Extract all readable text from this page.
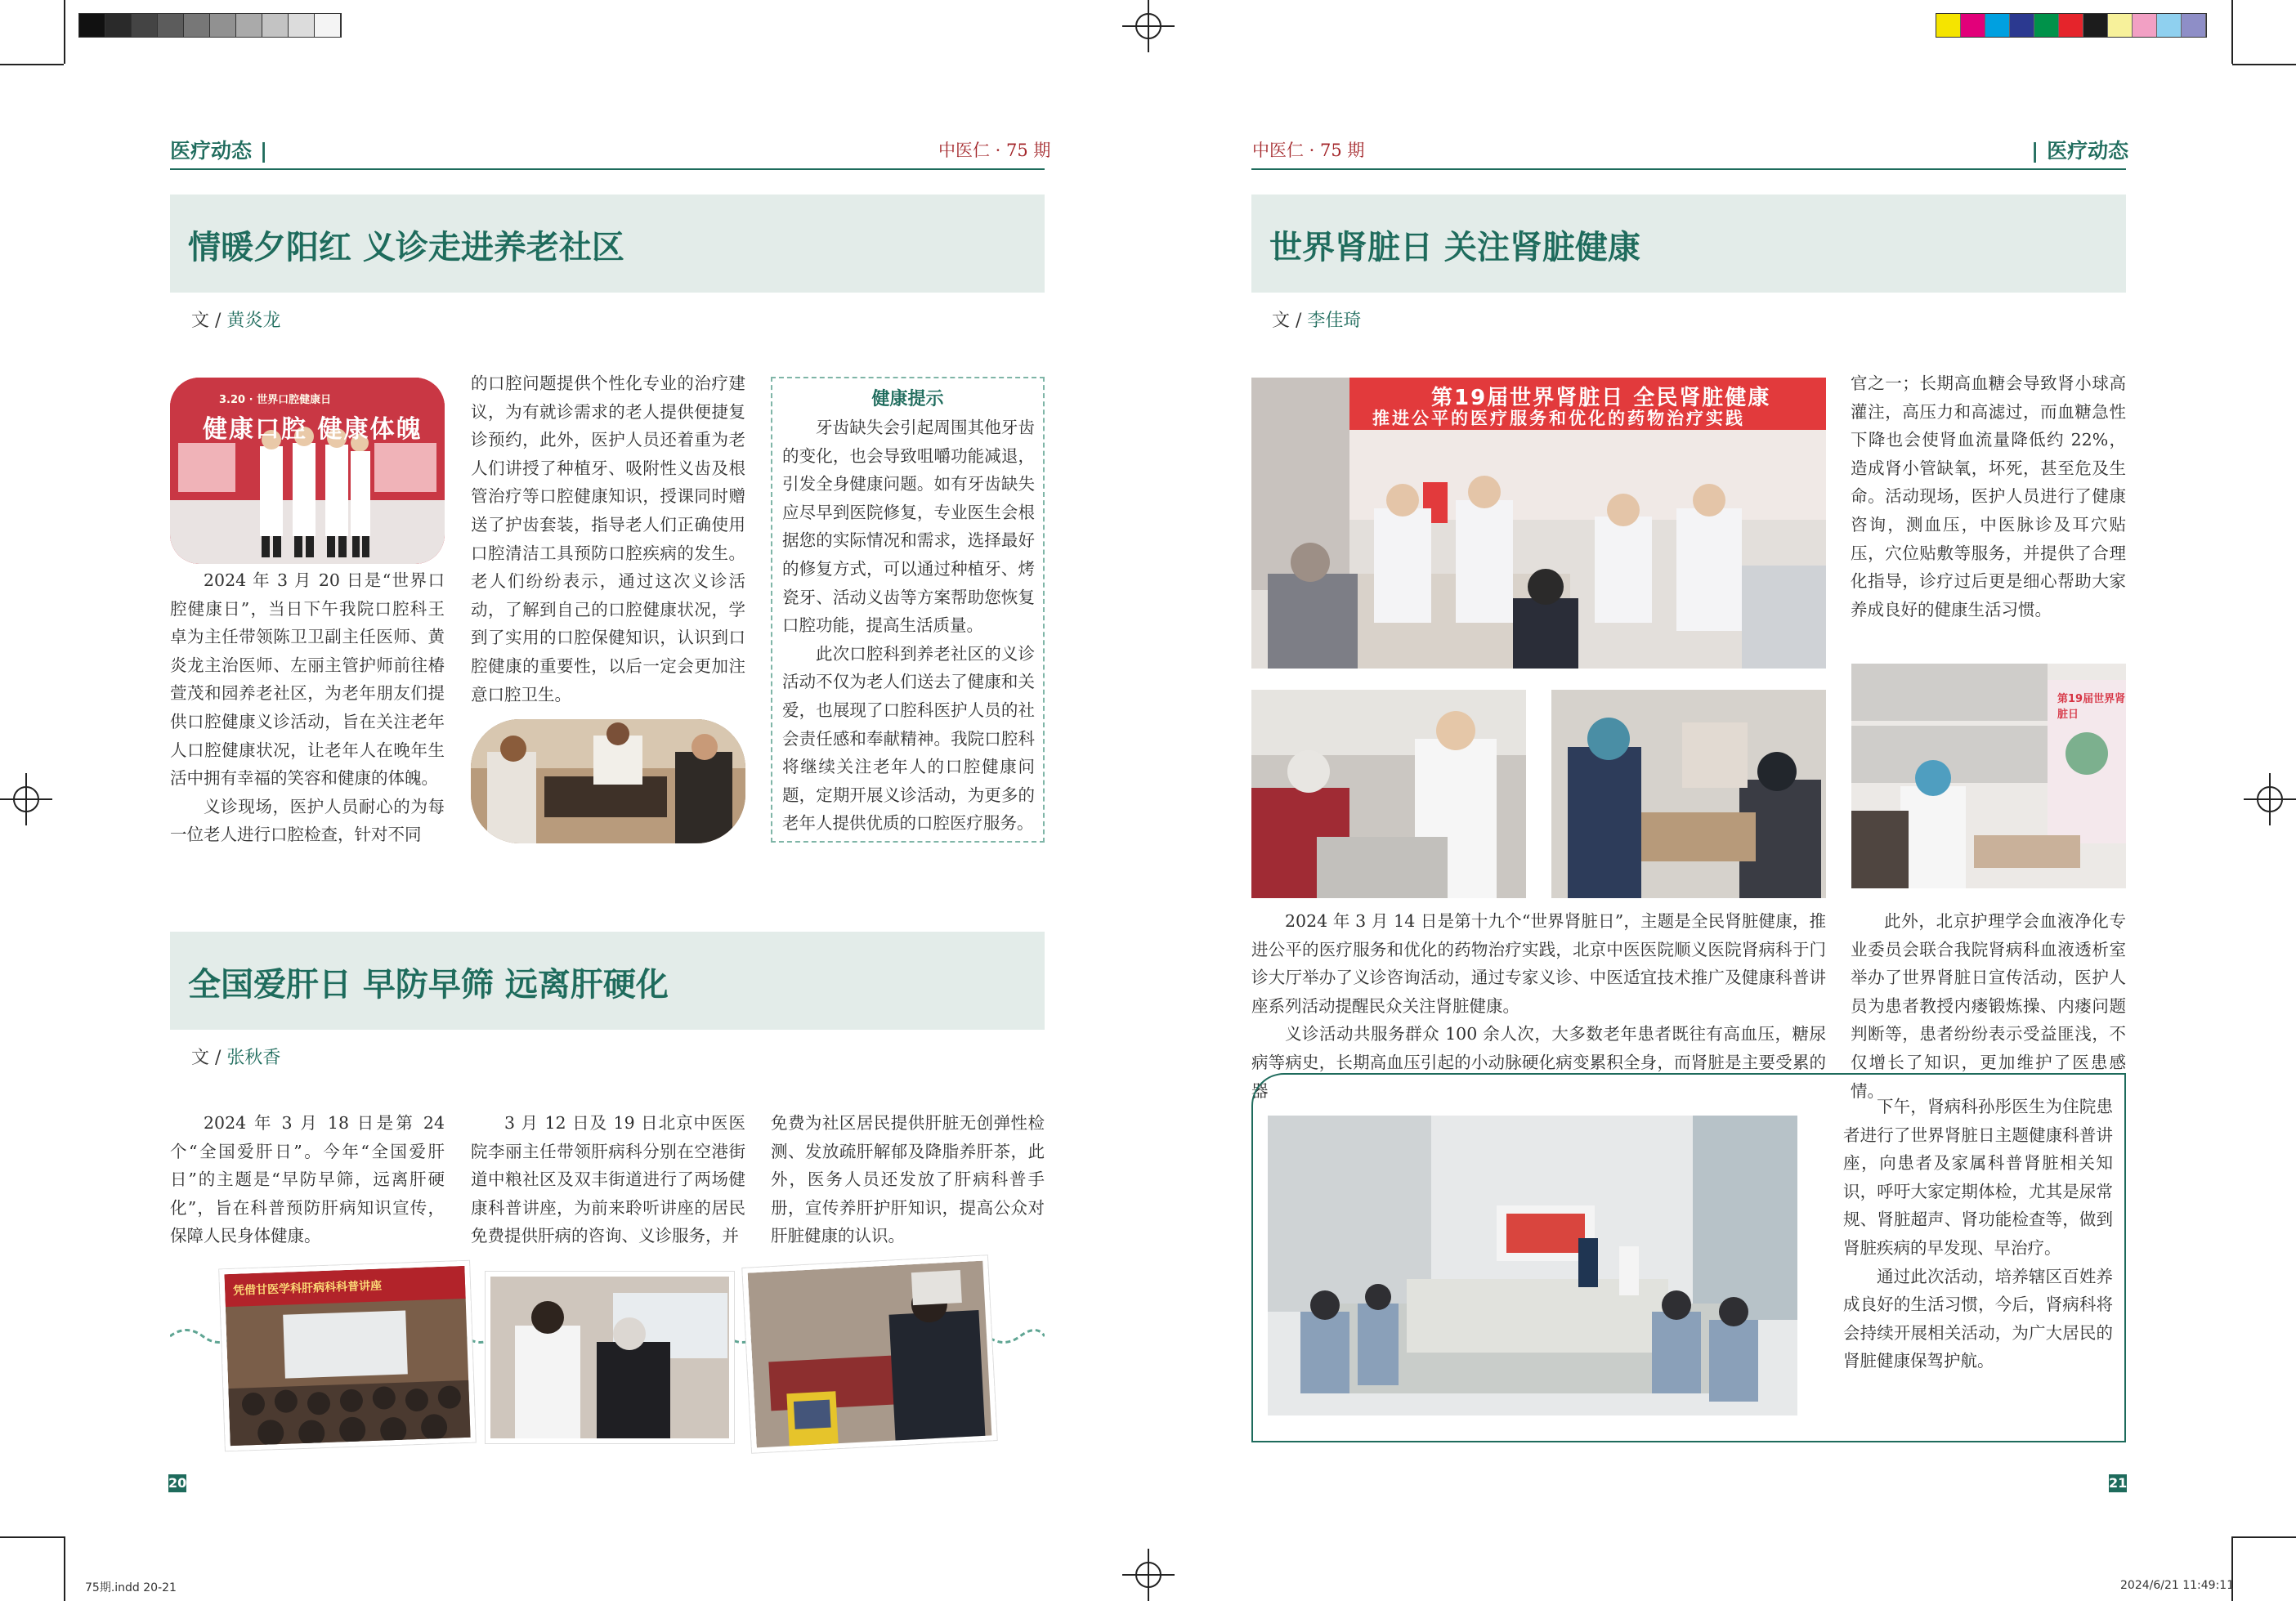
医疗动态 |	中医仁 · 75 期	中医仁 · 75 期	| 医疗动态
情暖夕阳红 义诊走进养老社区
文 / 黄炎龙
3.20 · 世界口腔健康日
健康口腔 健康体魄

2024 年 3 月 20 日是“世界口腔健康日”，当日下午我院口腔科王卓为主任带领陈卫卫副主任医师、黄炎龙主治医师、左丽主管护师前往椿萱茂和园养老社区，为老年朋友们提供口腔健康义诊活动，旨在关注老年人口腔健康状况，让老年人在晚年生活中拥有幸福的笑容和健康的体魄。

义诊现场，医护人员耐心的为每一位老人进行口腔检查，针对不同

的口腔问题提供个性化专业的治疗建议，为有就诊需求的老人提供便捷复诊预约，此外，医护人员还着重为老人们讲授了种植牙、吸附性义齿及根管治疗等口腔健康知识，授课同时赠送了护齿套装，指导老人们正确使用口腔清洁工具预防口腔疾病的发生。老人们纷纷表示，通过这次义诊活动，了解到自己的口腔健康状况，学到了实用的口腔保健知识，认识到口腔健康的重要性，以后一定会更加注意口腔卫生。

健康提示

牙齿缺失会引起周围其他牙齿的变化，也会导致咀嚼功能减退，引发全身健康问题。如有牙齿缺失应尽早到医院修复，专业医生会根据您的实际情况和需求，选择最好的修复方式，可以通过种植牙、烤瓷牙、活动义齿等方案帮助您恢复口腔功能，提高生活质量。

此次口腔科到养老社区的义诊活动不仅为老人们送去了健康和关爱，也展现了口腔科医护人员的社会责任感和奉献精神。我院口腔科将继续关注老年人的口腔健康问题，定期开展义诊活动，为更多的老年人提供优质的口腔医疗服务。

全国爱肝日 早防早筛 远离肝硬化
文 / 张秋香

2024 年 3 月 18 日是第 24 个“全国爱肝日”。今年“全国爱肝日”的主题是“早防早筛，远离肝硬化”，旨在科普预防肝病知识宣传，保障人民身体健康。

3 月 12 日及 19 日北京中医医院李丽主任带领肝病科分别在空港街道中粮社区及双丰街道进行了两场健康科普讲座，为前来聆听讲座的居民免费提供肝病的咨询、义诊服务，并

免费为社区居民提供肝脏无创弹性检测、发放疏肝解郁及降脂养肝茶，此外，医务人员还发放了肝病科普手册，宣传养肝护肝知识，提高公众对肝脏健康的认识。

凭借甘医学科肝病科科普讲座
20
世界肾脏日 关注肾脏健康
文 / 李佳琦
第19届世界肾脏日 全民肾脏健康
推进公平的医疗服务和优化的药物治疗实践

官之一；长期高血糖会导致肾小球高灌注，高压力和高滤过，而血糖急性下降也会使肾血流量降低约 22%，造成肾小管缺氧，坏死，甚至危及生命。活动现场，医护人员进行了健康咨询，测血压，中医脉诊及耳穴贴压，穴位贴敷等服务，并提供了合理化指导，诊疗过后更是细心帮助大家养成良好的健康生活习惯。

第19届世界肾脏日

2024 年 3 月 14 日是第十九个“世界肾脏日”，主题是全民肾脏健康，推进公平的医疗服务和优化的药物治疗实践，北京中医医院顺义医院肾病科于门诊大厅举办了义诊咨询活动，通过专家义诊、中医适宜技术推广及健康科普讲座系列活动提醒民众关注肾脏健康。

义诊活动共服务群众 100 余人次，大多数老年患者既往有高血压，糖尿病等病史，长期高血压引起的小动脉硬化病变累积全身，而肾脏是主要受累的器

此外，北京护理学会血液净化专业委员会联合我院肾病科血液透析室举办了世界肾脏日宣传活动，医护人员为患者教授内瘘锻炼操、内瘘问题判断等，患者纷纷表示受益匪浅，不仅增长了知识，更加维护了医患感情。

下午，肾病科孙彤医生为住院患者进行了世界肾脏日主题健康科普讲座，向患者及家属科普肾脏相关知识，呼吁大家定期体检，尤其是尿常规、肾脏超声、肾功能检查等，做到肾脏疾病的早发现、早治疗。

通过此次活动，培养辖区百姓养成良好的生活习惯，今后，肾病科将会持续开展相关活动，为广大居民的肾脏健康保驾护航。

21
75期.indd 20-21	2024/6/21 11:49:11
